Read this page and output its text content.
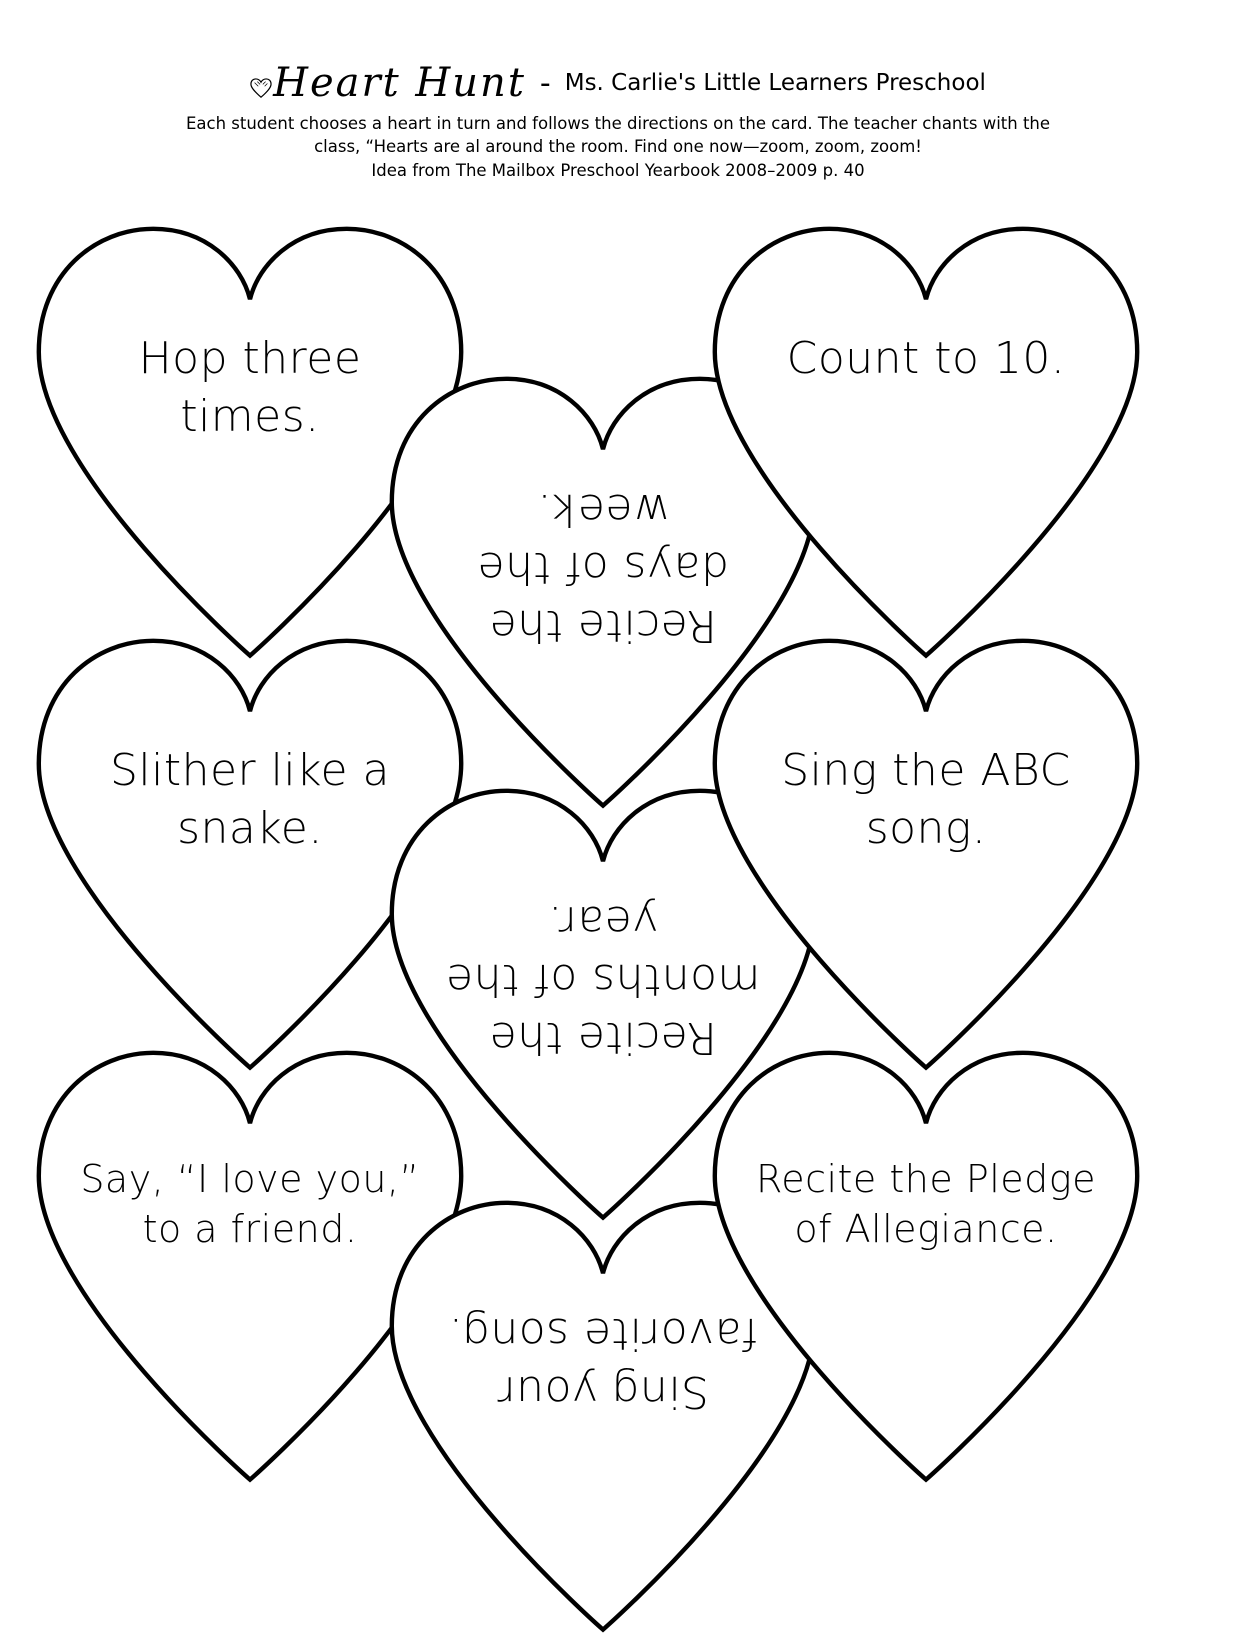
Heart Hunt - Ms. Carlie's Little Learners Preschool
Each student chooses a heart in turn and follows the directions on the card. The teacher chants with the
class, “Hearts are al around the room. Find one now—zoom, zoom, zoom!
Idea from The Mailbox Preschool Yearbook 2008–2009 p. 40
Hop three times.
Recite the days of the week.
Count to 10.
Slither like a snake.
Recite the months of the year.
Sing the ABC song.
Say, “I love you,” to a friend.
Sing your favorite song.
Recite the Pledge of Allegiance.
